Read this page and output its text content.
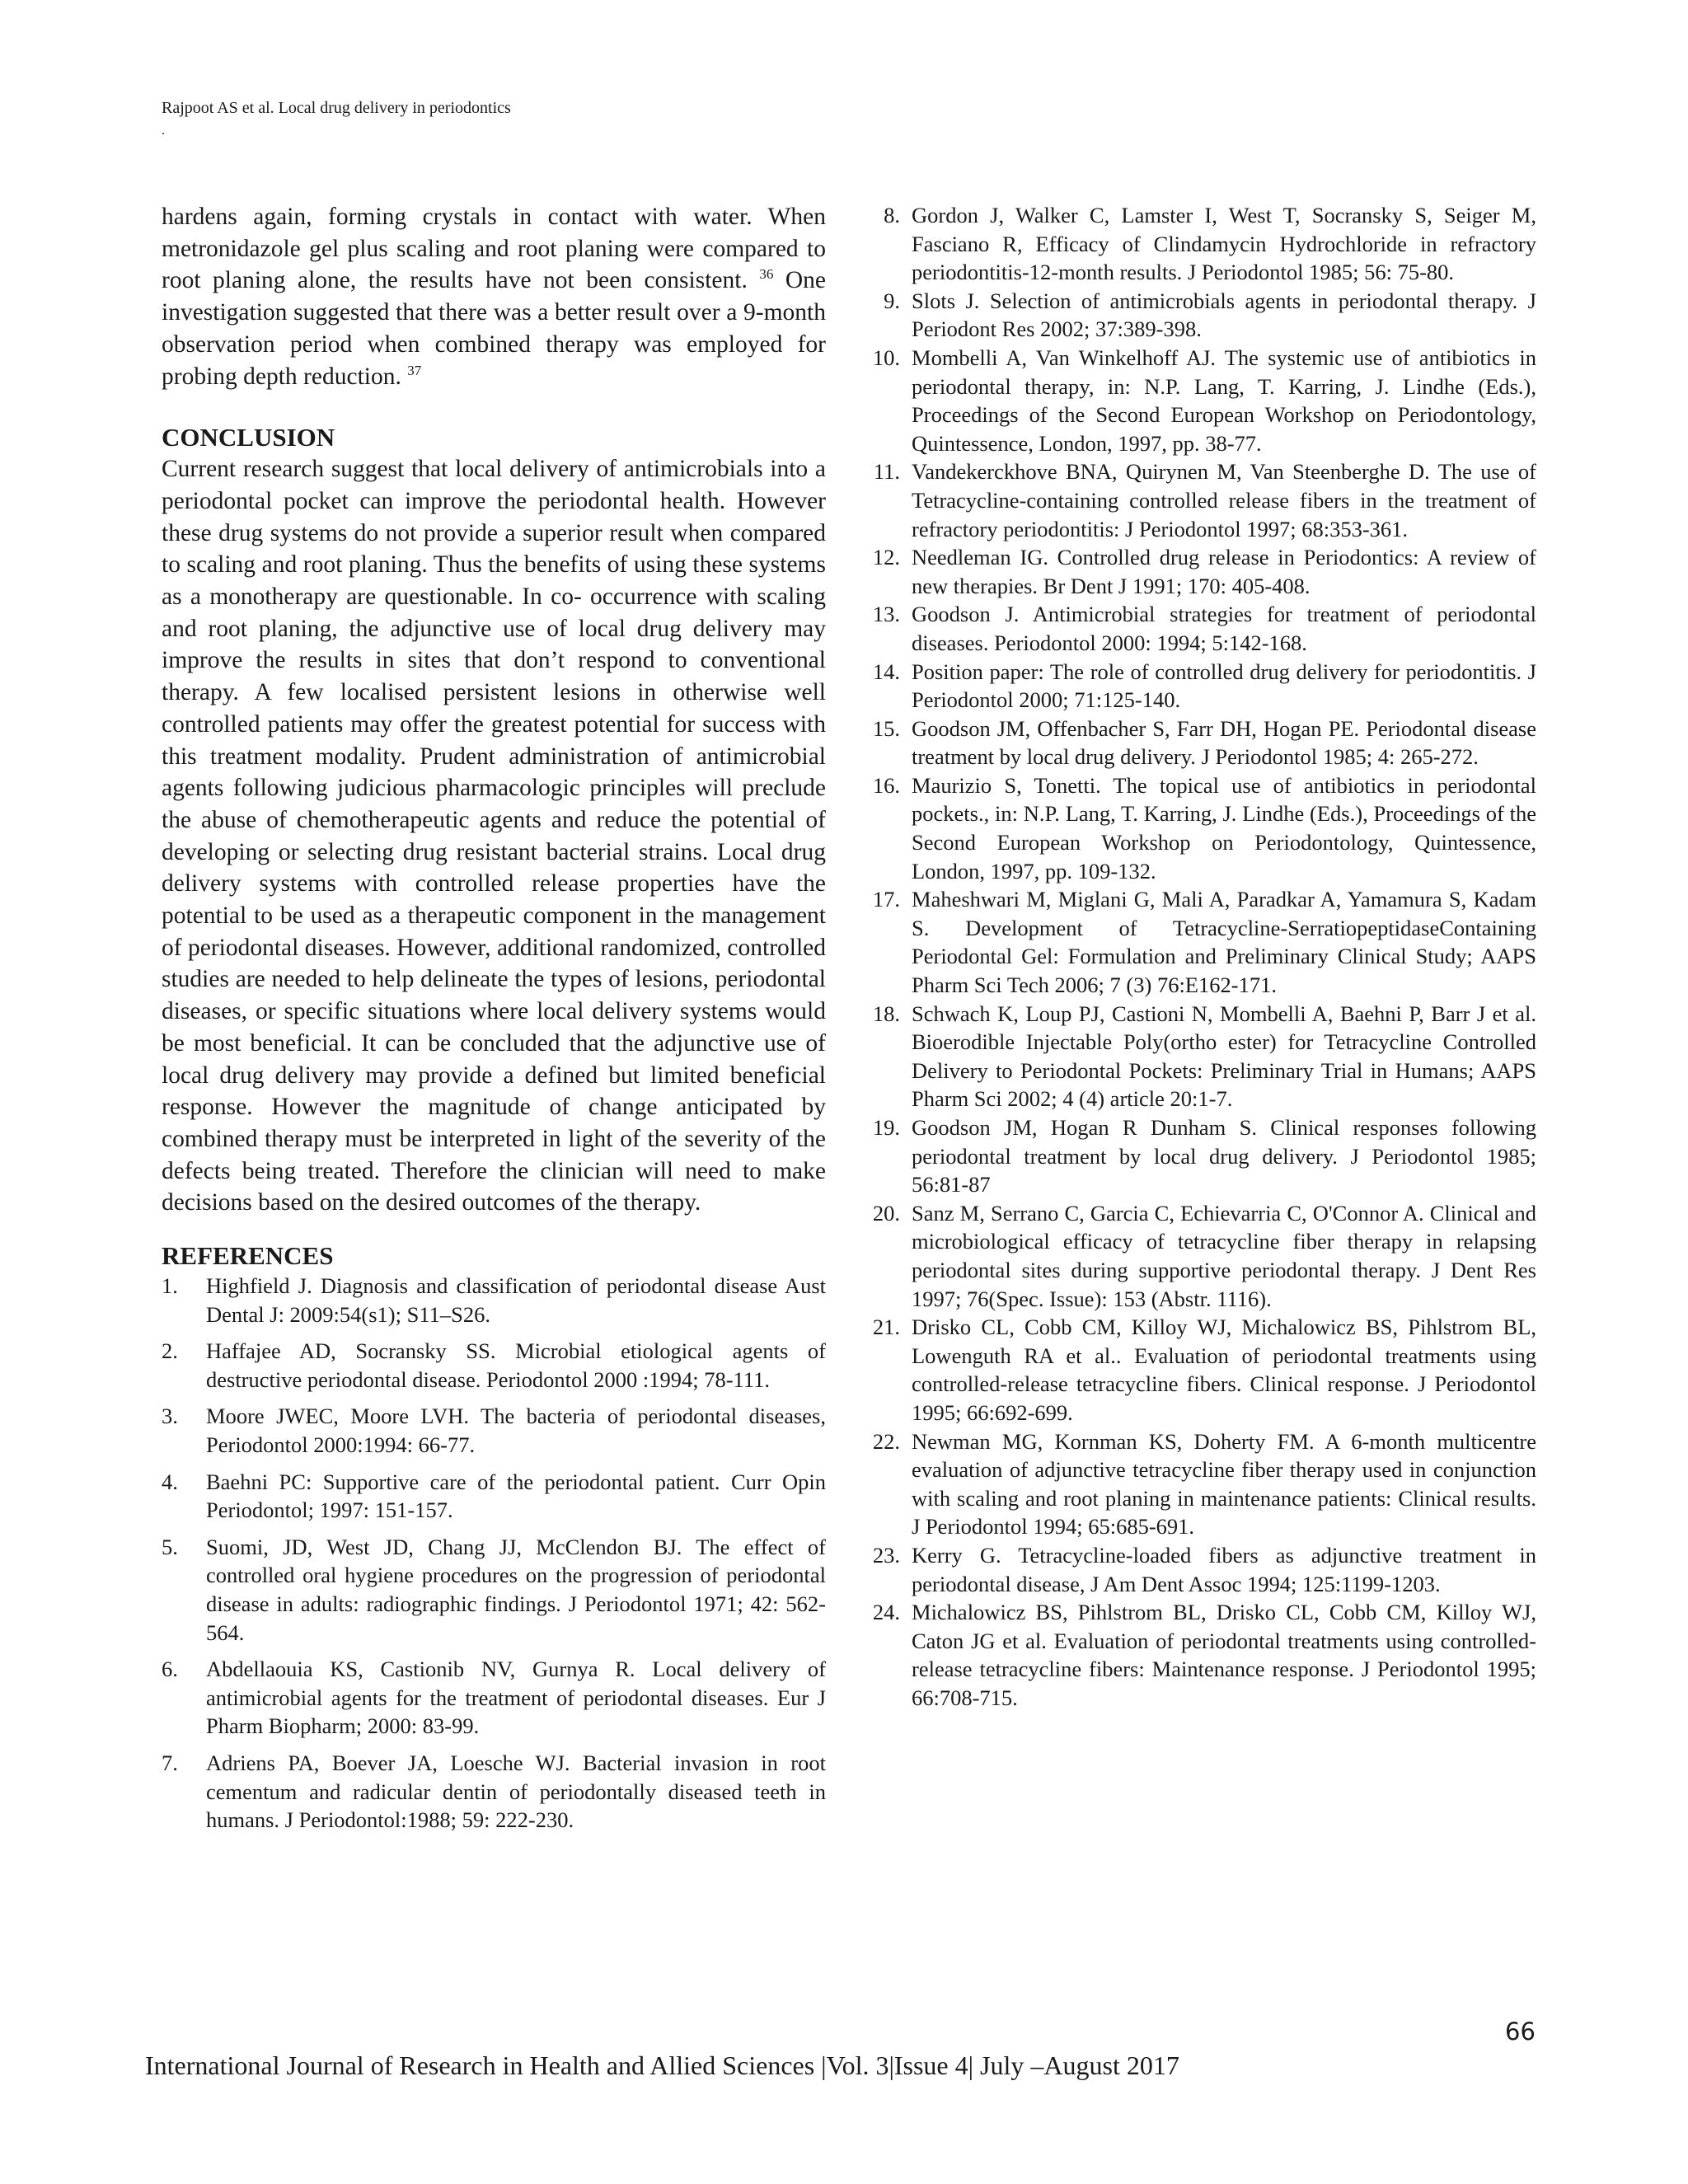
Rajpoot AS et al. Local drug delivery in periodontics
.

hardens again, forming crystals in contact with water. When metronidazole gel plus scaling and root planing were compared to root planing alone, the results have not been consistent. $^{36}$ One investigation suggested that there was a better result over a 9-month observation period when combined therapy was employed for probing depth reduction. $^{37}$

CONCLUSION

Current research suggest that local delivery of antimicrobials into a periodontal pocket can improve the periodontal health. However these drug systems do not provide a superior result when compared to scaling and root planing. Thus the benefits of using these systems as a monotherapy are questionable. In co- occurrence with scaling and root planing, the adjunctive use of local drug delivery may improve the results in sites that don’t respond to conventional therapy. A few localised persistent lesions in otherwise well controlled patients may offer the greatest potential for success with this treatment modality. Prudent administration of antimicrobial agents following judicious pharmacologic principles will preclude the abuse of chemotherapeutic agents and reduce the potential of developing or selecting drug resistant bacterial strains. Local drug delivery systems with controlled release properties have the potential to be used as a therapeutic component in the management of periodontal diseases. However, additional randomized, controlled studies are needed to help delineate the types of lesions, periodontal diseases, or specific situations where local delivery systems would be most beneficial. It can be concluded that the adjunctive use of local drug delivery may provide a defined but limited beneficial response. However the magnitude of change anticipated by combined therapy must be interpreted in light of the severity of the defects being treated. Therefore the clinician will need to make decisions based on the desired outcomes of the therapy.

REFERENCES
1.	Highfield J. Diagnosis and classification of periodontal disease Aust Dental J: 2009:54(s1); S11–S26.
2.	Haffajee AD, Socransky SS. Microbial etiological agents of destructive periodontal disease. Periodontol 2000 :1994; 78-111.
3.	Moore JWEC, Moore LVH. The bacteria of periodontal diseases, Periodontol 2000:1994: 66-77.
4.	Baehni PC: Supportive care of the periodontal patient. Curr Opin Periodontol; 1997: 151-157.
5.	Suomi, JD, West JD, Chang JJ, McClendon BJ. The effect of controlled oral hygiene procedures on the progression of periodontal disease in adults: radiographic findings. J Periodontol 1971; 42: 562-564.
6.	Abdellaouia KS, Castionib NV, Gurnya R. Local delivery of antimicrobial agents for the treatment of periodontal diseases. Eur J Pharm Biopharm; 2000: 83-99.
7.	Adriens PA, Boever JA, Loesche WJ. Bacterial invasion in root cementum and radicular dentin of periodontally diseased teeth in humans. J Periodontol:1988; 59: 222-230.
8. Gordon J, Walker C, Lamster I, West T, Socransky S, Seiger M, Fasciano R, Efficacy of Clindamycin Hydrochloride in refractory periodontitis-12-month results. J Periodontol 1985; 56: 75-80.
9. Slots J. Selection of antimicrobials agents in periodontal therapy. J Periodont Res 2002; 37:389-398.
10. Mombelli A, Van Winkelhoff AJ. The systemic use of antibiotics in periodontal therapy, in: N.P. Lang, T. Karring, J. Lindhe (Eds.), Proceedings of the Second European Workshop on Periodontology, Quintessence, London, 1997, pp. 38-77.
11. Vandekerckhove BNA, Quirynen M, Van Steenberghe D. The use of Tetracycline-containing controlled release fibers in the treatment of refractory periodontitis: J Periodontol 1997; 68:353-361.
12. Needleman IG. Controlled drug release in Periodontics: A review of new therapies. Br Dent J 1991; 170: 405-408.
13. Goodson J. Antimicrobial strategies for treatment of periodontal diseases. Periodontol 2000: 1994; 5:142-168.
14. Position paper: The role of controlled drug delivery for periodontitis. J Periodontol 2000; 71:125-140.
15. Goodson JM, Offenbacher S, Farr DH, Hogan PE. Periodontal disease treatment by local drug delivery. J Periodontol 1985; 4: 265-272.
16. Maurizio S, Tonetti. The topical use of antibiotics in periodontal pockets., in: N.P. Lang, T. Karring, J. Lindhe (Eds.), Proceedings of the Second European Workshop on Periodontology, Quintessence, London, 1997, pp. 109-132.
17. Maheshwari M, Miglani G, Mali A, Paradkar A, Yamamura S, Kadam S. Development of Tetracycline-SerratiopeptidaseContaining Periodontal Gel: Formulation and Preliminary Clinical Study; AAPS Pharm Sci Tech 2006; 7 (3) 76:E162-171.
18. Schwach K, Loup PJ, Castioni N, Mombelli A, Baehni P, Barr J et al. Bioerodible Injectable Poly(ortho ester) for Tetracycline Controlled Delivery to Periodontal Pockets: Preliminary Trial in Humans; AAPS Pharm Sci 2002; 4 (4) article 20:1-7.
19. Goodson JM, Hogan R Dunham S. Clinical responses following periodontal treatment by local drug delivery. J Periodontol 1985; 56:81-87
20. Sanz M, Serrano C, Garcia C, Echievarria C, O'Connor A. Clinical and microbiological efficacy of tetracycline fiber therapy in relapsing periodontal sites during supportive periodontal therapy. J Dent Res 1997; 76(Spec. Issue): 153 (Abstr. 1116).
21. Drisko CL, Cobb CM, Killoy WJ, Michalowicz BS, Pihlstrom BL, Lowenguth RA et al.. Evaluation of periodontal treatments using controlled-release tetracycline fibers. Clinical response. J Periodontol 1995; 66:692-699.
22. Newman MG, Kornman KS, Doherty FM. A 6-month multicentre evaluation of adjunctive tetracycline fiber therapy used in conjunction with scaling and root planing in maintenance patients: Clinical results. J Periodontol 1994; 65:685-691.
23. Kerry G. Tetracycline-loaded fibers as adjunctive treatment in periodontal disease, J Am Dent Assoc 1994; 125:1199-1203.
24. Michalowicz BS, Pihlstrom BL, Drisko CL, Cobb CM, Killoy WJ, Caton JG et al. Evaluation of periodontal treatments using controlled-release tetracycline fibers: Maintenance response. J Periodontol 1995; 66:708-715.
66
International Journal of Research in Health and Allied Sciences |Vol. 3|Issue 4| July –August 2017
